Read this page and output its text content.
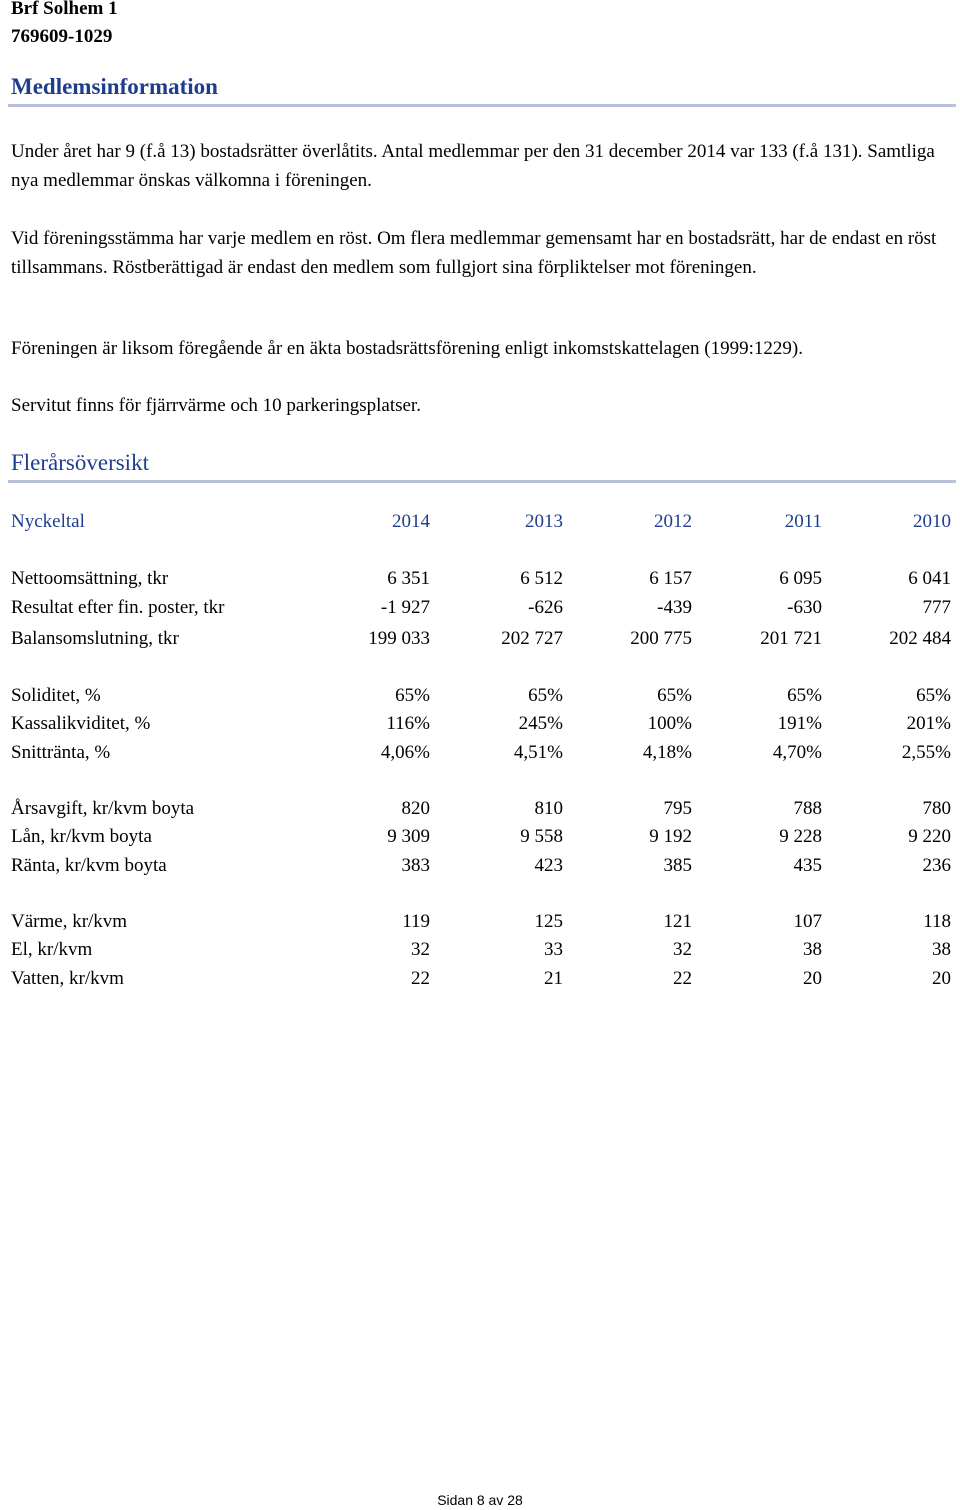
Brf Solhem 1
769609-1029
Medlemsinformation
Under året har 9 (f.å 13) bostadsrätter överlåtits. Antal medlemmar per den 31 december 2014 var 133 (f.å 131). Samtliga nya medlemmar önskas välkomna i föreningen.
Vid föreningsstämma har varje medlem en röst. Om flera medlemmar gemensamt har en bostadsrätt, har de endast en röst tillsammans. Röstberättigad är endast den medlem som fullgjort sina förpliktelser mot föreningen.
Föreningen är liksom föregående år en äkta bostadsrättsförening enligt inkomstskattelagen (1999:1229).
Servitut finns för fjärrvärme och 10 parkeringsplatser.
Flerårsöversikt
Nyckeltal	2014	2013	2012	2011	2010
Nettoomsättning, tkr	6 351	6 512	6 157	6 095	6 041
Resultat efter fin. poster, tkr	-1 927	-626	-439	-630	777
Balansomslutning, tkr	199 033	202 727	200 775	201 721	202 484
Soliditet, %	65%	65%	65%	65%	65%
Kassalikviditet, %	116%	245%	100%	191%	201%
Snittränta, %	4,06%	4,51%	4,18%	4,70%	2,55%
Årsavgift, kr/kvm boyta	820	810	795	788	780
Lån, kr/kvm boyta	9 309	9 558	9 192	9 228	9 220
Ränta, kr/kvm boyta	383	423	385	435	236
Värme, kr/kvm	119	125	121	107	118
El, kr/kvm	32	33	32	38	38
Vatten, kr/kvm	22	21	22	20	20
Sidan 8 av 28
